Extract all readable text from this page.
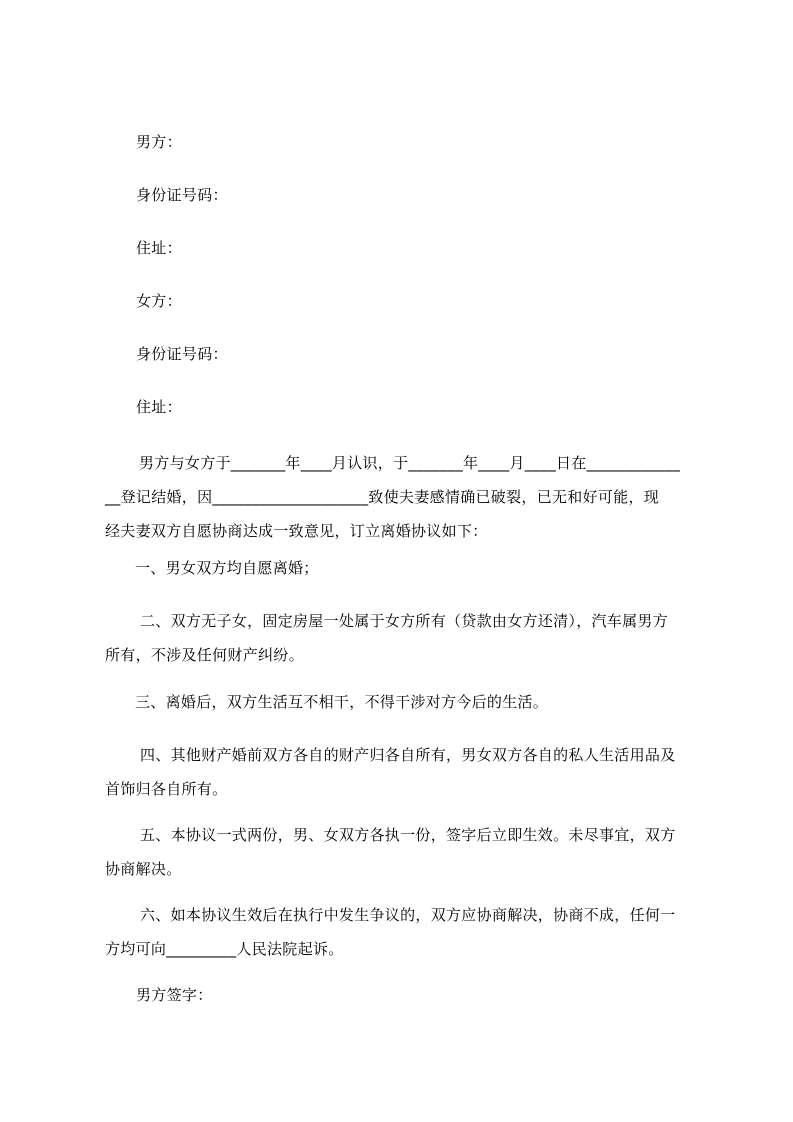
男方：
身份证号码：
住址：
女方：
身份证号码：
住址：
男方与女方于_______年____月认识，于_______年____月____日在____________
__登记结婚，因____________________致使夫妻感情确已破裂，已无和好可能，现
经夫妻双方自愿协商达成一致意见，订立离婚协议如下：
一、男女双方均自愿离婚；
二、双方无子女，固定房屋一处属于女方所有（贷款由女方还清），汽车属男方
所有，不涉及任何财产纠纷。
三、离婚后，双方生活互不相干，不得干涉对方今后的生活。
四、其他财产婚前双方各自的财产归各自所有，男女双方各自的私人生活用品及
首饰归各自所有。
五、本协议一式两份，男、女双方各执一份，签字后立即生效。未尽事宜，双方
协商解决。
六、如本协议生效后在执行中发生争议的，双方应协商解决，协商不成，任何一
方均可向_________人民法院起诉。
男方签字：
